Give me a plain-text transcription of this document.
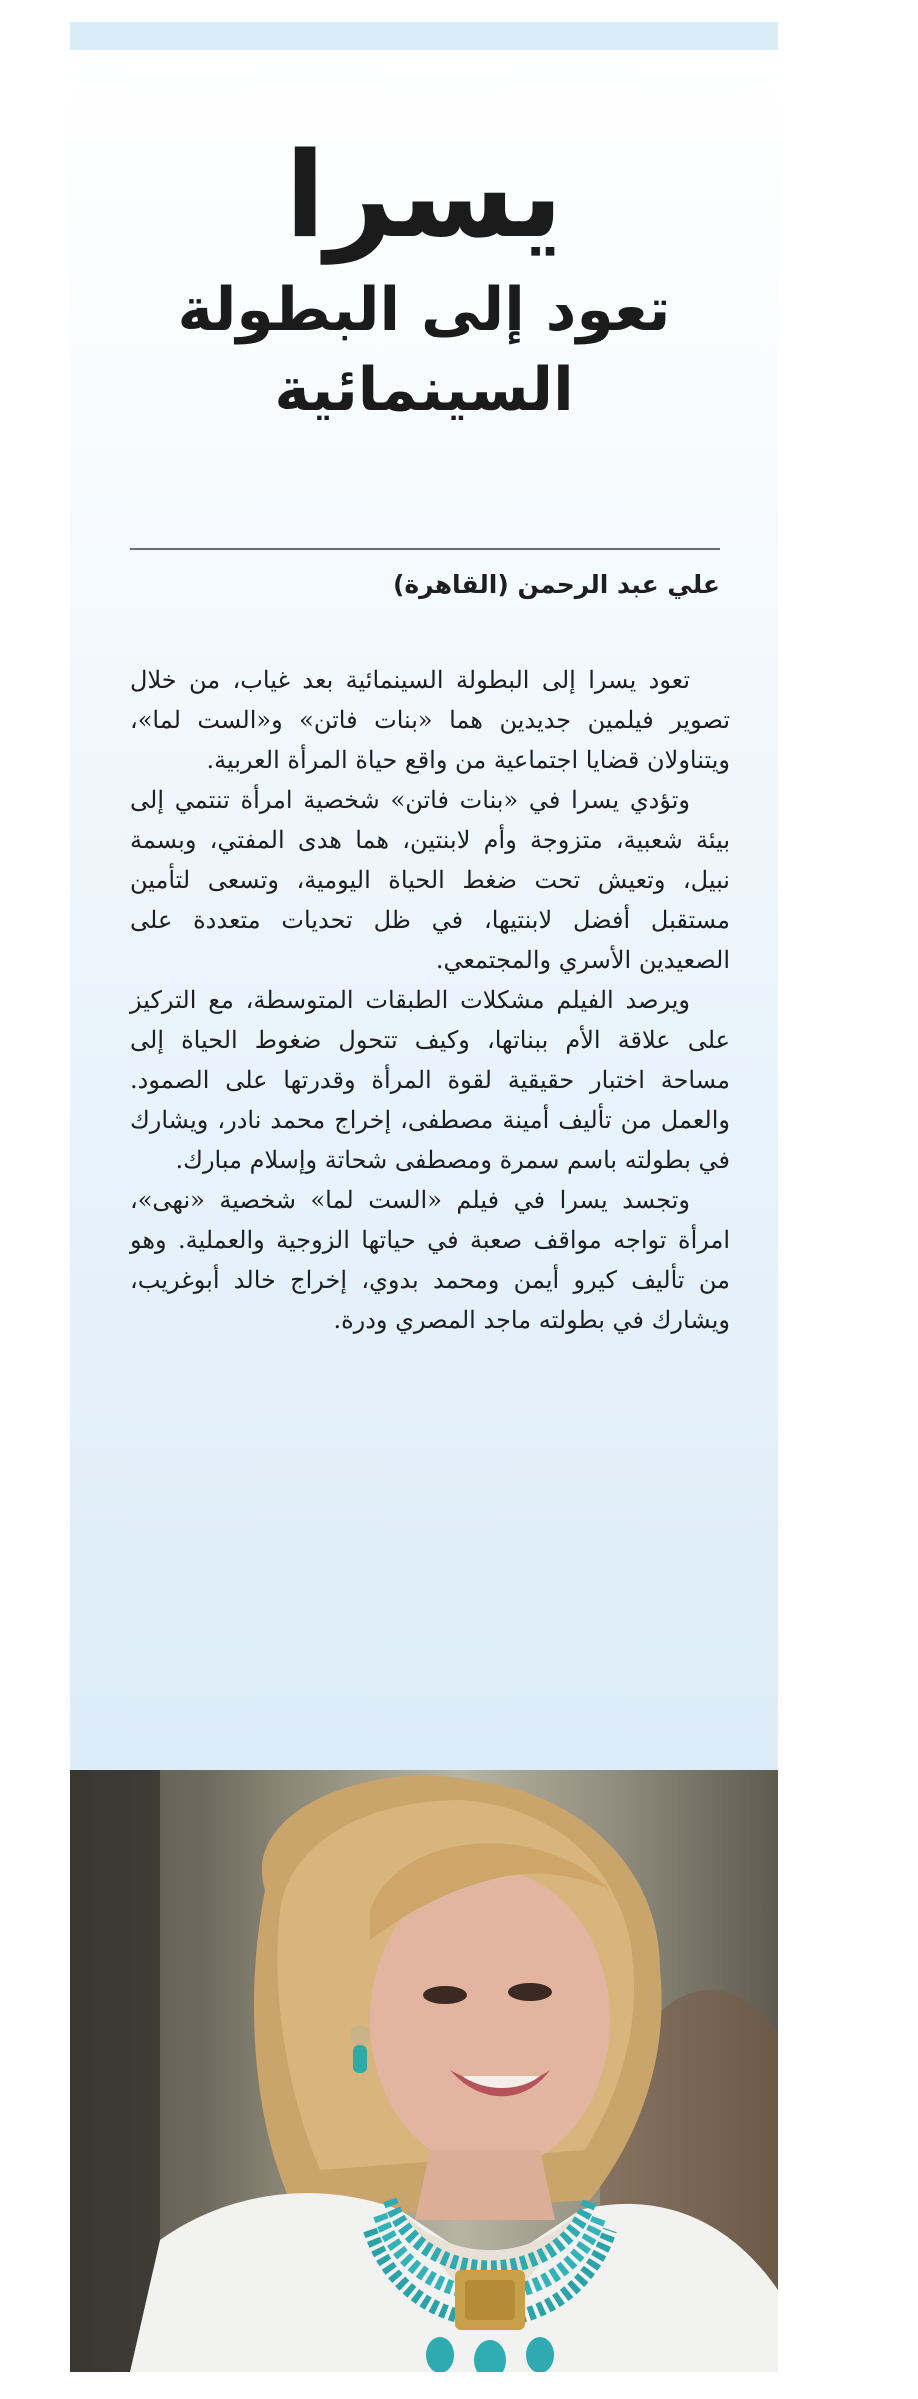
يسرا
تعود إلى البطولة
السينمائية
علي عبد الرحمن (القاهرة)

تعود يسرا إلى البطولة السينمائية بعد غياب، من خلال تصوير فيلمين جديدين هما «بنات فاتن» و«الست لما»، ويتناولان قضايا اجتماعية من واقع حياة المرأة العربية.

وتؤدي يسرا في «بنات فاتن» شخصية امرأة تنتمي إلى بيئة شعبية، متزوجة وأم لابنتين، هما هدى المفتي، وبسمة نبيل، وتعيش تحت ضغط الحياة اليومية، وتسعى لتأمين مستقبل أفضل لابنتيها، في ظل تحديات متعددة على الصعيدين الأسري والمجتمعي.

ويرصد الفيلم مشكلات الطبقات المتوسطة، مع التركيز على علاقة الأم ببناتها، وكيف تتحول ضغوط الحياة إلى مساحة اختبار حقيقية لقوة المرأة وقدرتها على الصمود. والعمل من تأليف أمينة مصطفى، إخراج محمد نادر، ويشارك في بطولته باسم سمرة ومصطفى شحاتة وإسلام مبارك.

وتجسد يسرا في فيلم «الست لما» شخصية «نهى»، امرأة تواجه مواقف صعبة في حياتها الزوجية والعملية. وهو من تأليف كيرو أيمن ومحمد بدوي، إخراج خالد أبوغريب، ويشارك في بطولته ماجد المصري ودرة.
